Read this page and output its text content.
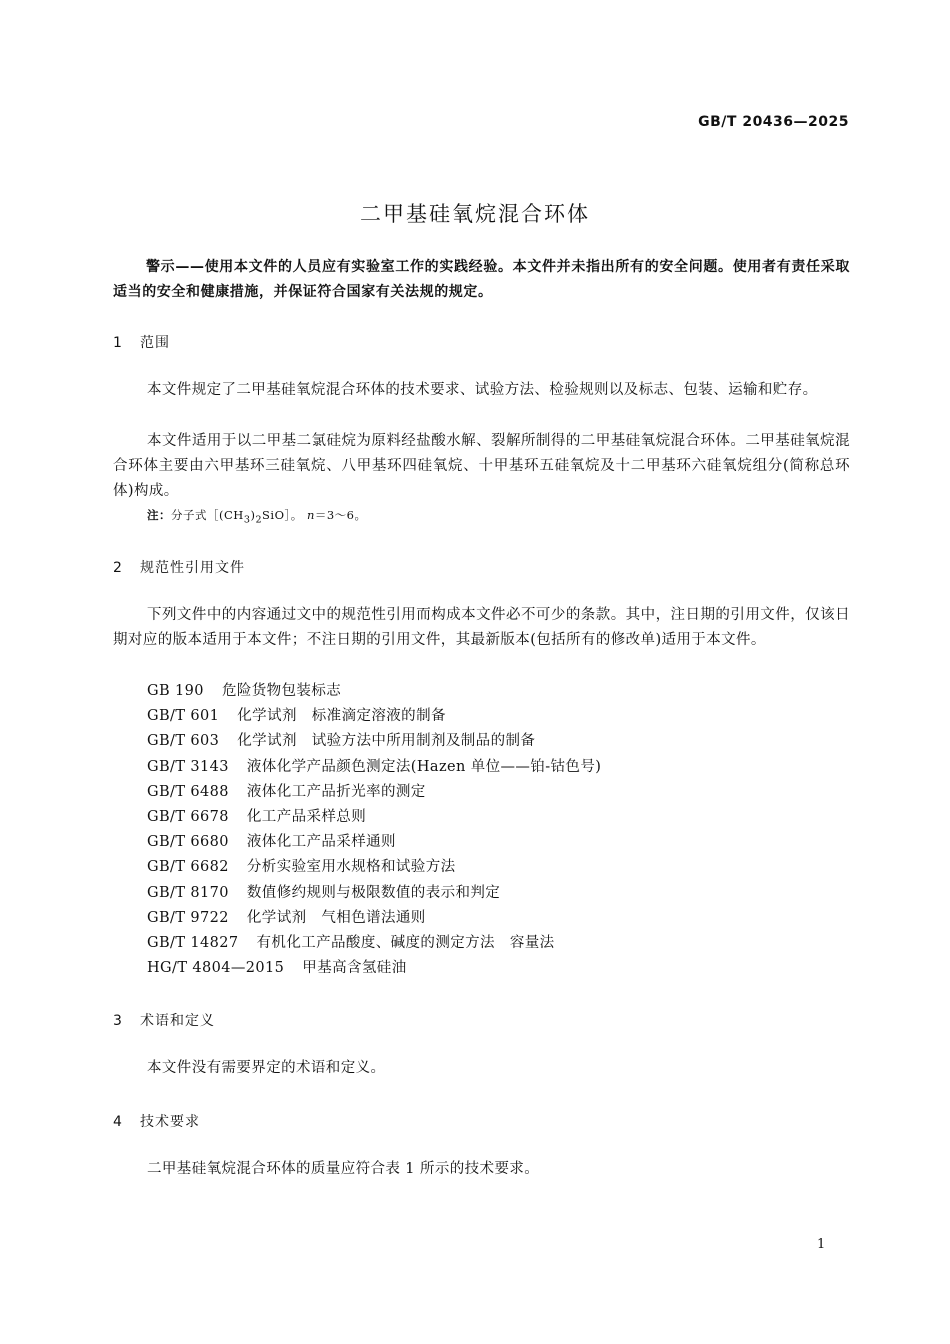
GB/T 20436—2025
二甲基硅氧烷混合环体
警示——使用本文件的人员应有实验室工作的实践经验。本文件并未指出所有的安全问题。使用者有责任采取适当的安全和健康措施，并保证符合国家有关法规的规定。
1 范围
本文件规定了二甲基硅氧烷混合环体的技术要求、试验方法、检验规则以及标志、包装、运输和贮存。
本文件适用于以二甲基二氯硅烷为原料经盐酸水解、裂解所制得的二甲基硅氧烷混合环体。二甲基硅氧烷混合环体主要由六甲基环三硅氧烷、八甲基环四硅氧烷、十甲基环五硅氧烷及十二甲基环六硅氧烷组分(简称总环体)构成。
注：分子式$[(CH_3)_2SiO]$。 n＝3～6。
2 规范性引用文件
下列文件中的内容通过文中的规范性引用而构成本文件必不可少的条款。其中，注日期的引用文件，仅该日期对应的版本适用于本文件；不注日期的引用文件，其最新版本(包括所有的修改单)适用于本文件。
GB 190 危险货物包装标志
GB/T 601 化学试剂　标准滴定溶液的制备
GB/T 603 化学试剂　试验方法中所用制剂及制品的制备
GB/T 3143 液体化学产品颜色测定法(Hazen 单位——铂-钴色号)
GB/T 6488 液体化工产品折光率的测定
GB/T 6678 化工产品采样总则
GB/T 6680 液体化工产品采样通则
GB/T 6682 分析实验室用水规格和试验方法
GB/T 8170 数值修约规则与极限数值的表示和判定
GB/T 9722 化学试剂　气相色谱法通则
GB/T 14827 有机化工产品酸度、碱度的测定方法　容量法
HG/T 4804—2015 甲基高含氢硅油
3 术语和定义
本文件没有需要界定的术语和定义。
4 技术要求
二甲基硅氧烷混合环体的质量应符合表 1 所示的技术要求。
1
